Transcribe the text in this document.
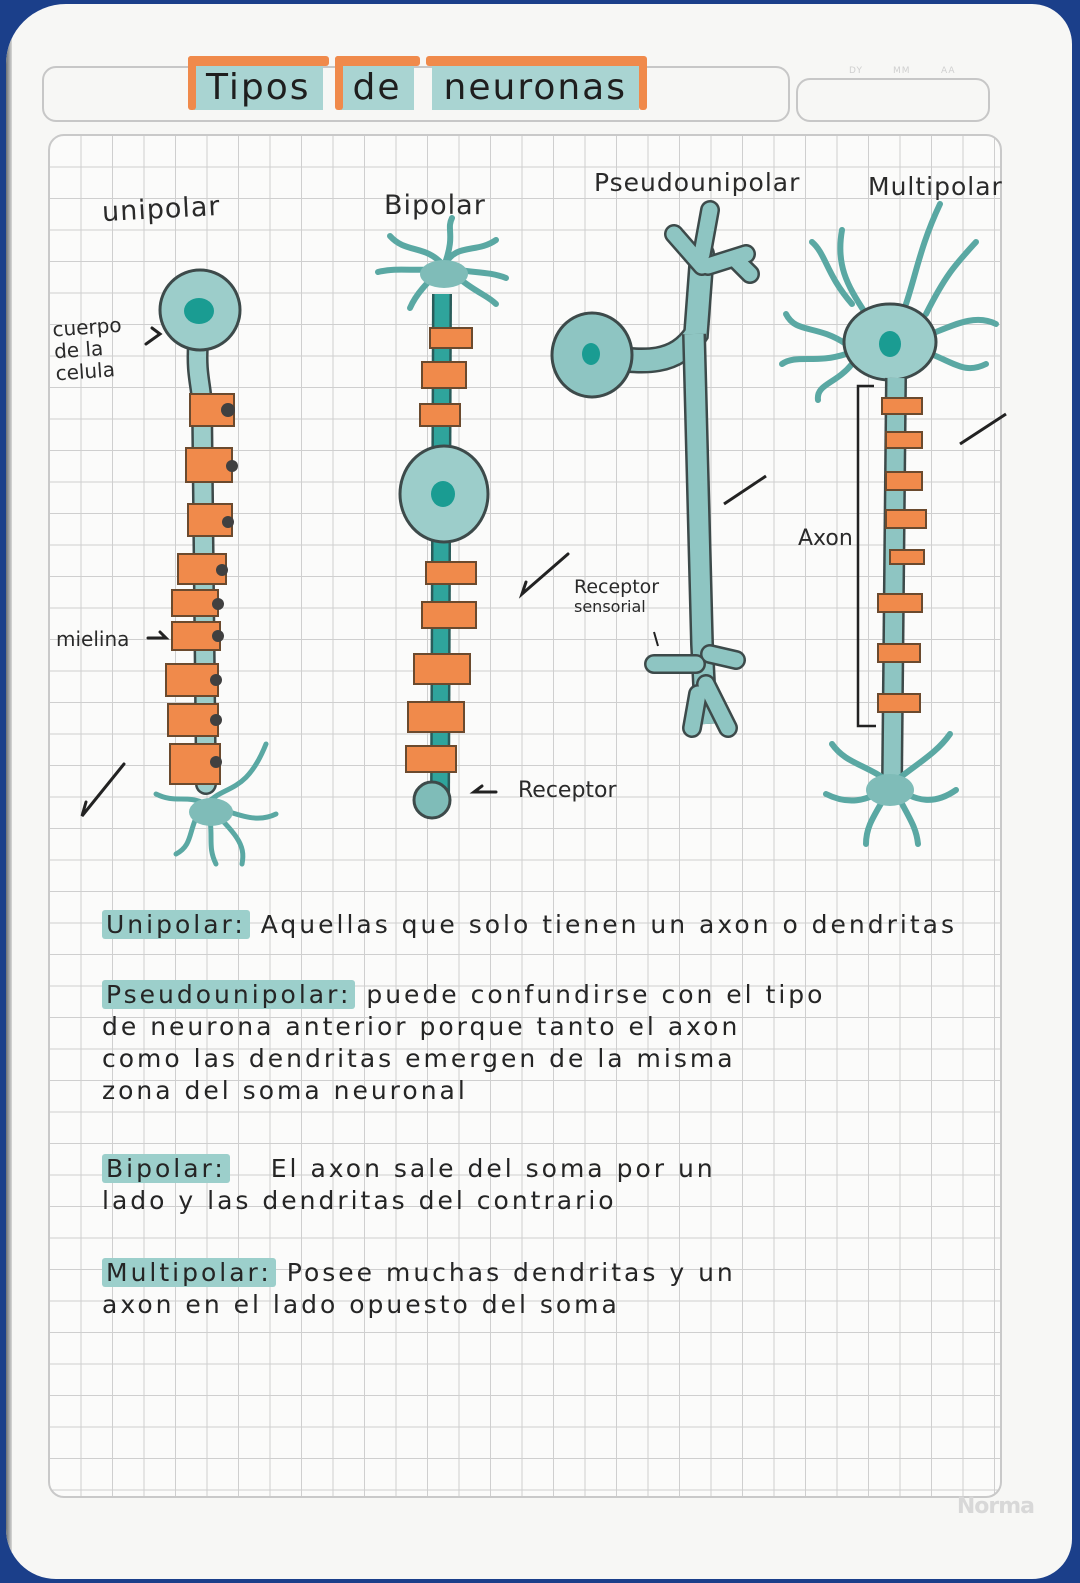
DY	MM	AA
Tipos	de	neuronas
unipolar	Bipolar
Pseudounipolar	Multipolar
cuerpo
de la
celula
mielina
Receptor
sensorial
Receptor
Axon
Unipolar: Aquellas que solo tienen un axon o dendritas
Pseudounipolar: puede confundirse con el tipo
de neurona anterior porque tanto el axon
como las dendritas emergen de la misma
zona del soma neuronal
Bipolar: El axon sale del soma por un
lado y las dendritas del contrario
Multipolar: Posee muchas dendritas y un
axon en el lado opuesto del soma
Norma
